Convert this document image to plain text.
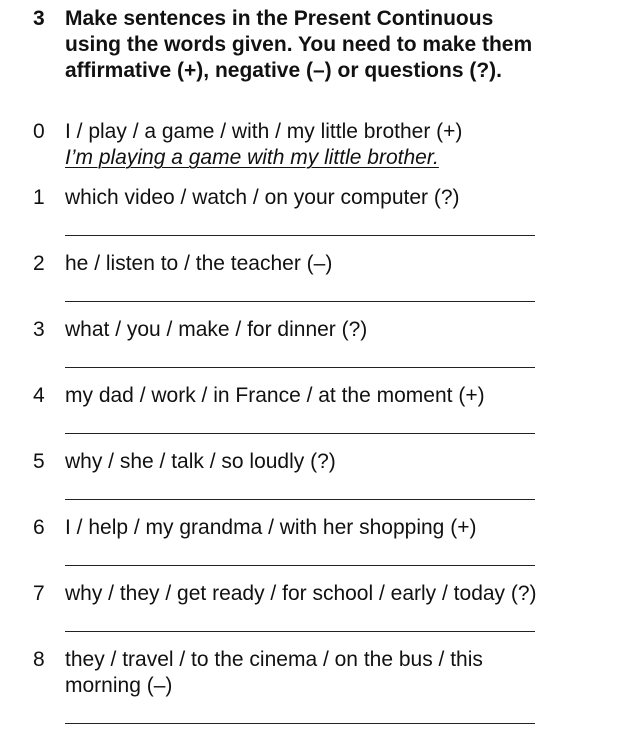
3 Make sentences in the Present Continuous using the words given. You need to make them affirmative (+), negative (–) or questions (?).
0 I / play / a game / with / my little brother (+)
I’m playing a game with my little brother.
1 which video / watch / on your computer (?)
2 he / listen to / the teacher (–)
3 what / you / make / for dinner (?)
4 my dad / work / in France / at the moment (+)
5 why / she / talk / so loudly (?)
6 I / help / my grandma / with her shopping (+)
7 why / they / get ready / for school / early / today (?)
8 they / travel / to the cinema / on the bus / this morning (–)
